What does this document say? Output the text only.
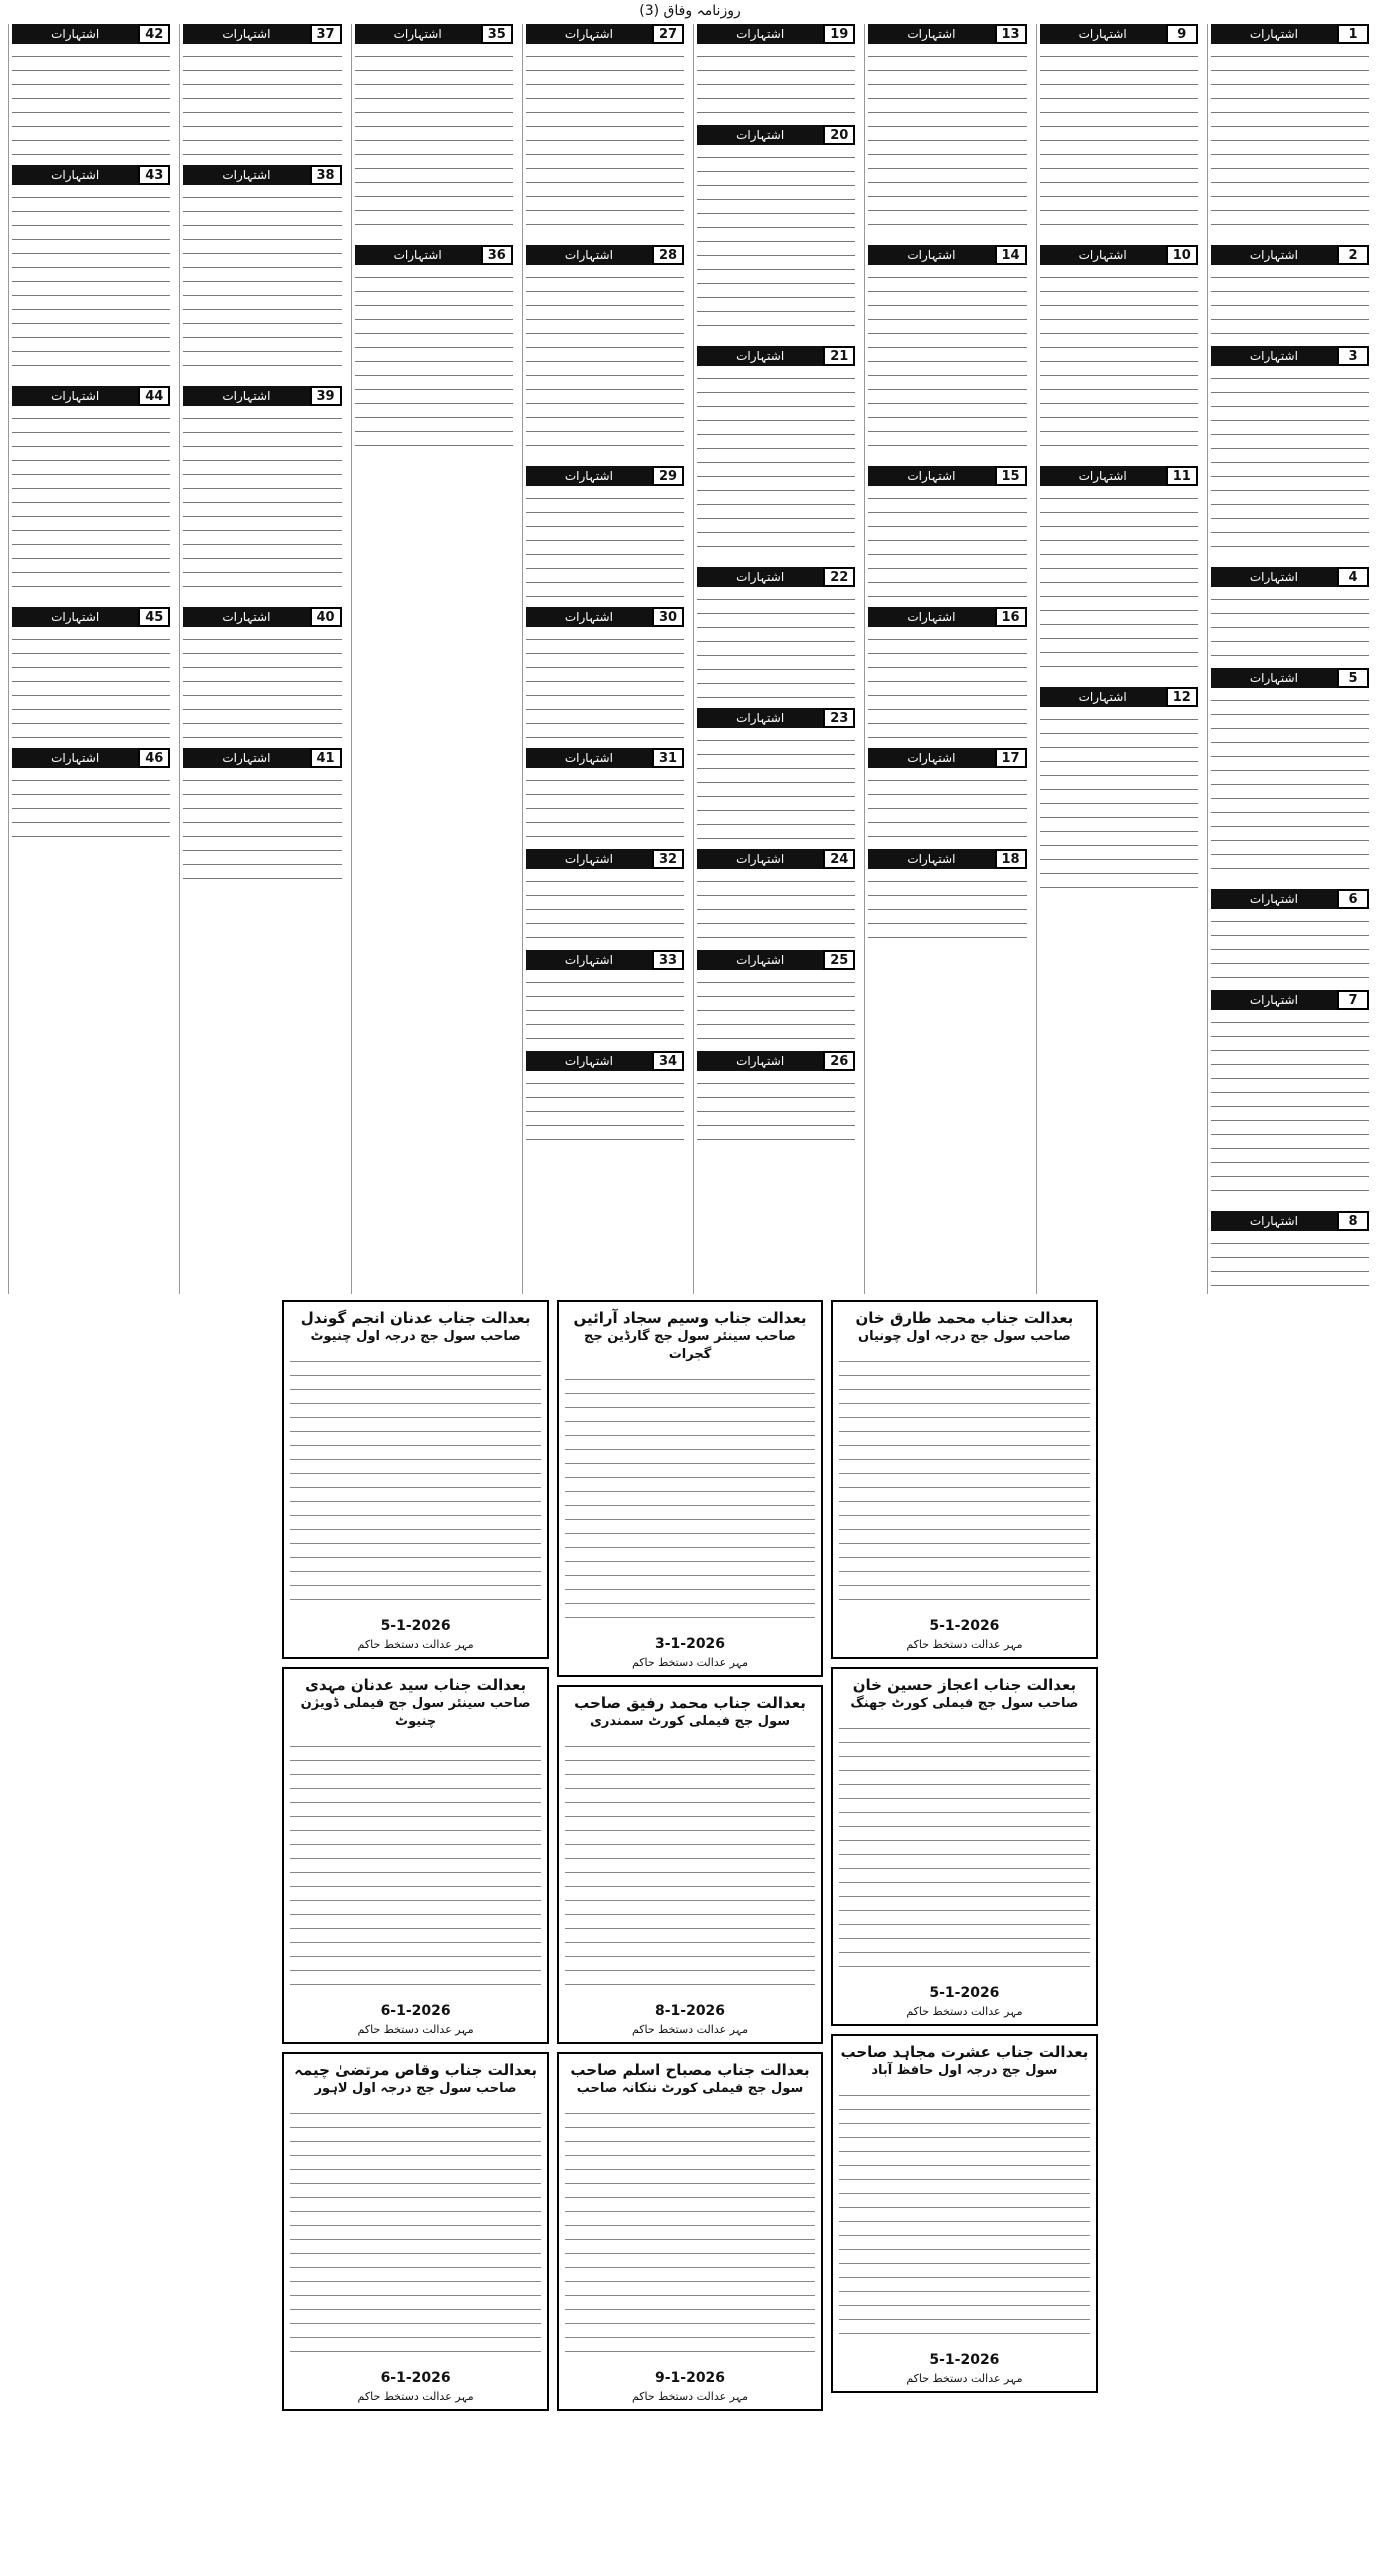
روزنامہ وفاق (3)
1
اشتہارات
2
اشتہارات
3
اشتہارات
4
اشتہارات
5
اشتہارات
6
اشتہارات
7
اشتہارات
8
اشتہارات
9
اشتہارات
10
اشتہارات
11
اشتہارات
12
اشتہارات
13
اشتہارات
14
اشتہارات
15
اشتہارات
16
اشتہارات
17
اشتہارات
18
اشتہارات
19
اشتہارات
20
اشتہارات
21
اشتہارات
22
اشتہارات
23
اشتہارات
24
اشتہارات
25
اشتہارات
26
اشتہارات
27
اشتہارات
28
اشتہارات
29
اشتہارات
30
اشتہارات
31
اشتہارات
32
اشتہارات
33
اشتہارات
34
اشتہارات
35
اشتہارات
36
اشتہارات
37
اشتہارات
38
اشتہارات
39
اشتہارات
40
اشتہارات
41
اشتہارات
42
اشتہارات
43
اشتہارات
44
اشتہارات
45
اشتہارات
46
اشتہارات
بعدالت جناب محمد طارق خان
صاحب سول جج درجہ اول چونیاں
5-1-2026
مہر عدالت دستخط حاکم
بعدالت جناب اعجاز حسین خان
صاحب سول جج فیملی کورٹ جھنگ
5-1-2026
مہر عدالت دستخط حاکم
بعدالت جناب عشرت مجاہد صاحب
سول جج درجہ اول حافظ آباد
5-1-2026
مہر عدالت دستخط حاکم
بعدالت جناب وسیم سجاد آرائیں
صاحب سینئر سول جج گارڈین جج گجرات
3-1-2026
مہر عدالت دستخط حاکم
بعدالت جناب محمد رفیق صاحب
سول جج فیملی کورٹ سمندری
8-1-2026
مہر عدالت دستخط حاکم
بعدالت جناب مصباح اسلم صاحب
سول جج فیملی کورٹ ننکانہ صاحب
9-1-2026
مہر عدالت دستخط حاکم
بعدالت جناب عدنان انجم گوندل
صاحب سول جج درجہ اول چنیوٹ
5-1-2026
مہر عدالت دستخط حاکم
بعدالت جناب سید عدنان مہدی
صاحب سینئر سول جج فیملی ڈویژن چنیوٹ
6-1-2026
مہر عدالت دستخط حاکم
بعدالت جناب وقاص مرتضیٰ چیمہ
صاحب سول جج درجہ اول لاہور
6-1-2026
مہر عدالت دستخط حاکم
